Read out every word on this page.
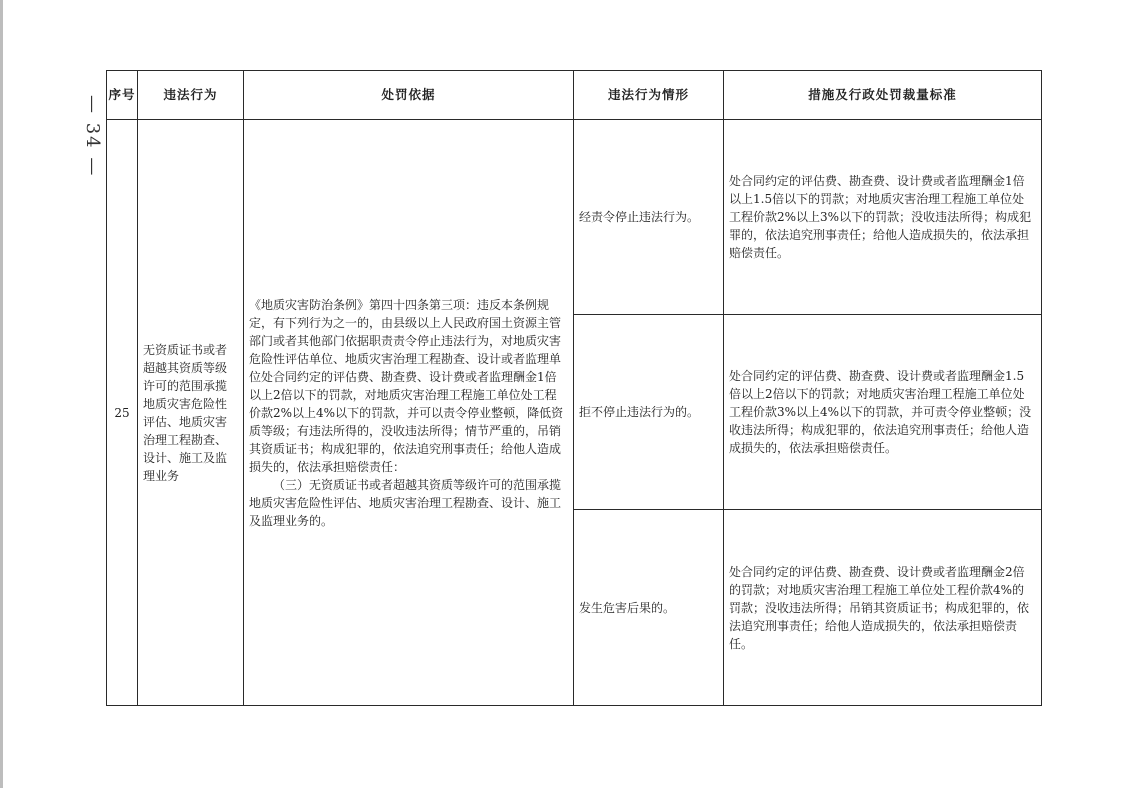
— 34 —
序号	违法行为	处罚依据	违法行为情形	措施及行政处罚裁量标准
25	无资质证书或者超越其资质等级许可的范围承揽地质灾害危险性评估、地质灾害治理工程勘查、设计、施工及监理业务	《地质灾害防治条例》第四十四条第三项：违反本条例规定，有下列行为之一的，由县级以上人民政府国土资源主管部门或者其他部门依据职责责令停止违法行为，对地质灾害危险性评估单位、地质灾害治理工程勘查、设计或者监理单位处合同约定的评估费、勘查费、设计费或者监理酬金1倍以上2倍以下的罚款，对地质灾害治理工程施工单位处工程价款2%以上4%以下的罚款，并可以责令停业整顿，降低资质等级；有违法所得的，没收违法所得；情节严重的，吊销其资质证书；构成犯罪的，依法追究刑事责任；给他人造成损失的，依法承担赔偿责任：
（三）无资质证书或者超越其资质等级许可的范围承揽地质灾害危险性评估、地质灾害治理工程勘查、设计、施工及监理业务的。	经责令停止违法行为。	处合同约定的评估费、勘查费、设计费或者监理酬金1倍以上1.5倍以下的罚款；对地质灾害治理工程施工单位处工程价款2%以上3%以下的罚款；没收违法所得；构成犯罪的，依法追究刑事责任；给他人造成损失的，依法承担赔偿责任。

			拒不停止违法行为的。	处合同约定的评估费、勘查费、设计费或者监理酬金1.5倍以上2倍以下的罚款；对地质灾害治理工程施工单位处工程价款3%以上4%以下的罚款，并可责令停业整顿；没收违法所得；构成犯罪的，依法追究刑事责任；给他人造成损失的，依法承担赔偿责任。

			发生危害后果的。	处合同约定的评估费、勘查费、设计费或者监理酬金2倍的罚款；对地质灾害治理工程施工单位处工程价款4%的罚款；没收违法所得；吊销其资质证书；构成犯罪的，依法追究刑事责任；给他人造成损失的，依法承担赔偿责任。
